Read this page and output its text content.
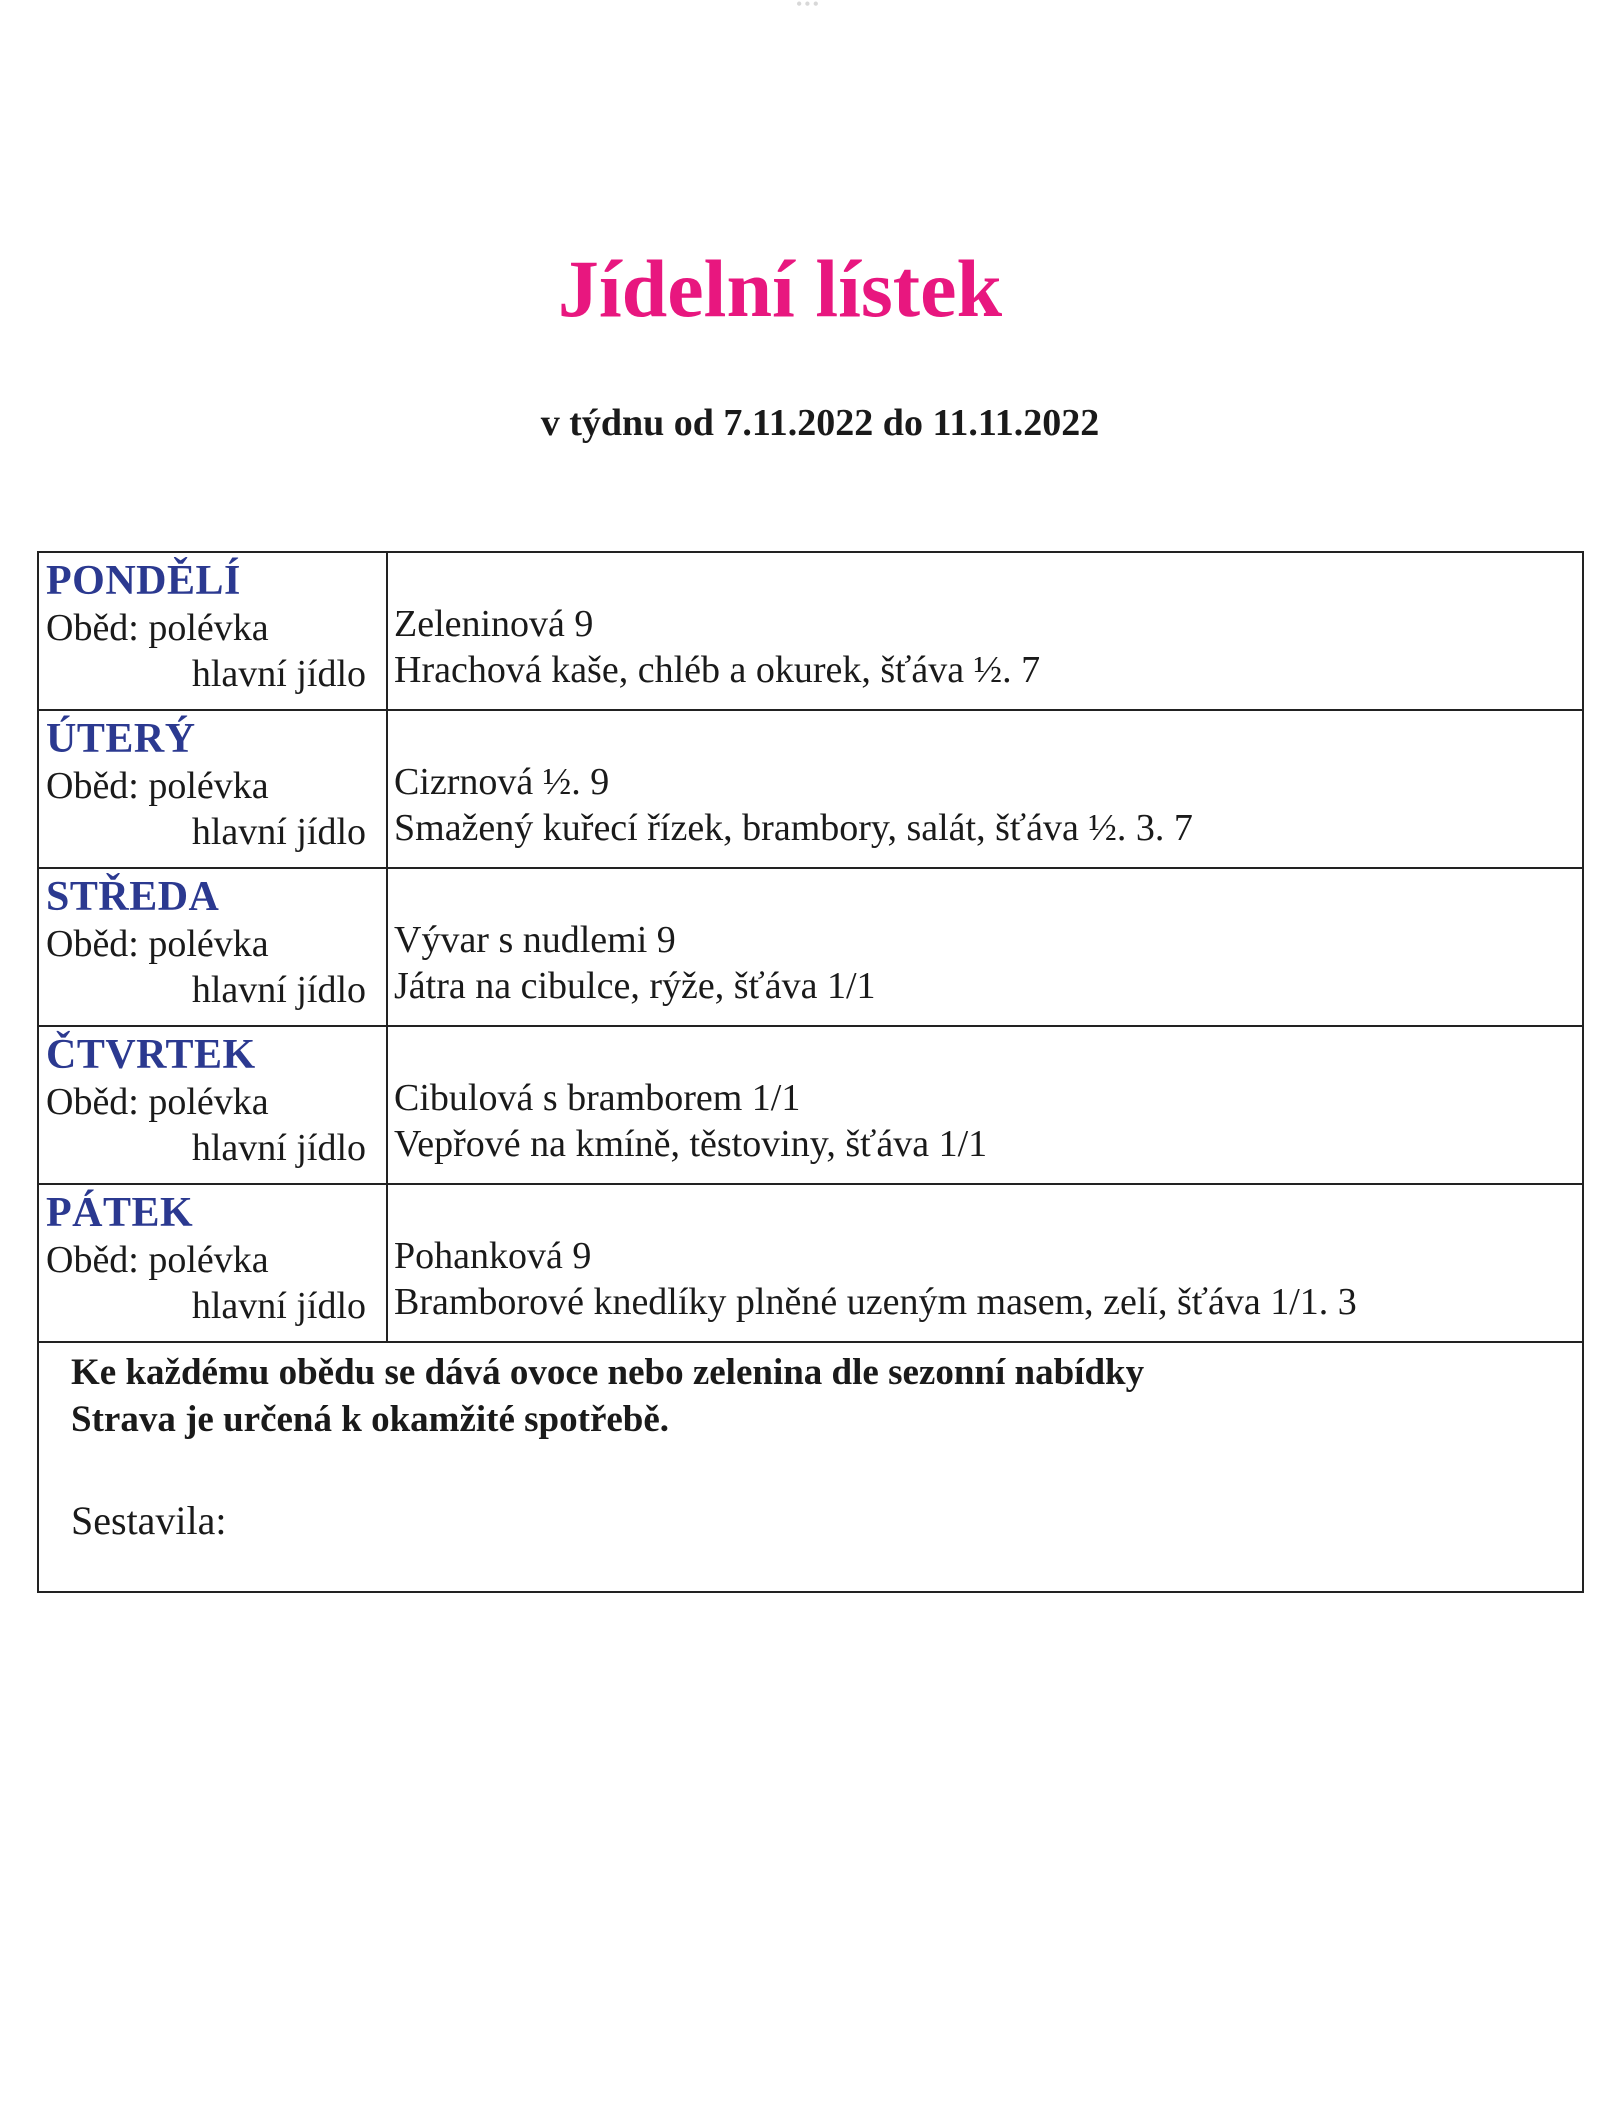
•••
Jídelní lístek
v týdnu od 7.11.2022 do 11.11.2022
PONDĚLÍ
Oběd: polévka
hlavní jídlo
Zeleninová 9
Hrachová kaše, chléb a okurek, šťáva ½. 7
ÚTERÝ
Oběd: polévka
hlavní jídlo
Cizrnová ½. 9
Smažený kuřecí řízek, brambory, salát, šťáva ½. 3. 7
STŘEDA
Oběd: polévka
hlavní jídlo
Vývar s nudlemi 9
Játra na cibulce, rýže, šťáva 1/1
ČTVRTEK
Oběd: polévka
hlavní jídlo
Cibulová s bramborem 1/1
Vepřové na kmíně, těstoviny, šťáva 1/1
PÁTEK
Oběd: polévka
hlavní jídlo
Pohanková 9
Bramborové knedlíky plněné uzeným masem, zelí, šťáva 1/1. 3
Ke každému obědu se dává ovoce nebo zelenina dle sezonní nabídky
Strava je určená k okamžité spotřebě.
Sestavila:
